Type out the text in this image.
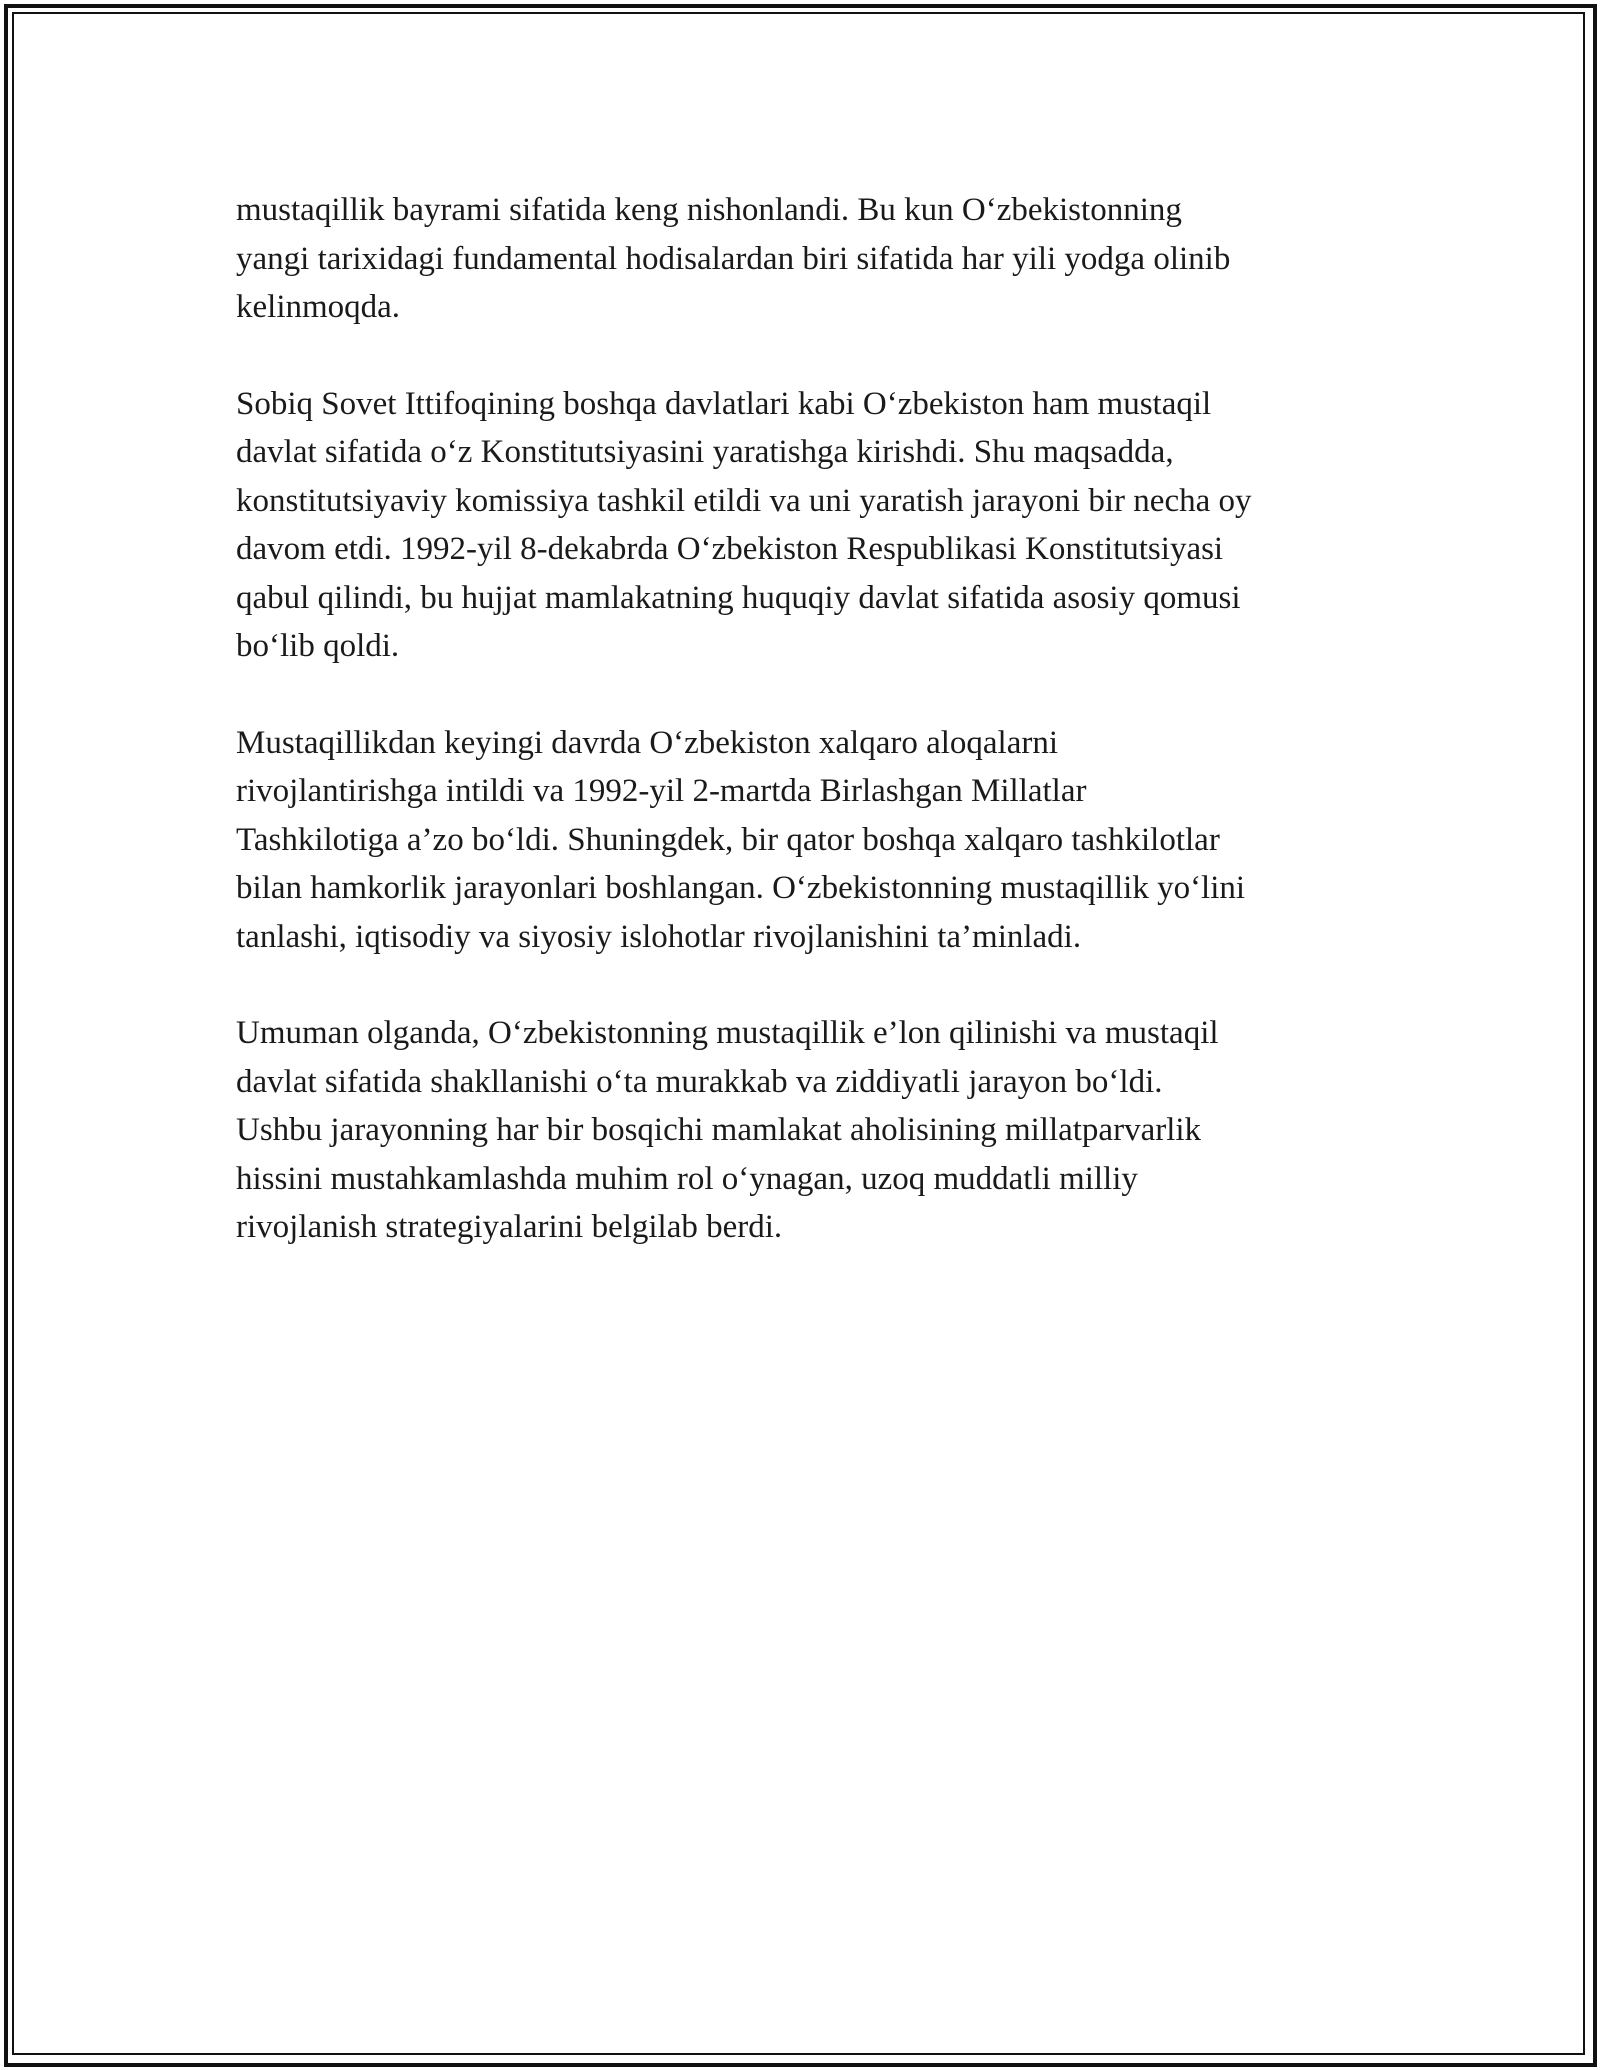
mustaqillik bayrami sifatida keng nishonlandi. Bu kun O‘zbekistonning
yangi tarixidagi fundamental hodisalardan biri sifatida har yili yodga olinib
kelinmoqda.

Sobiq Sovet Ittifoqining boshqa davlatlari kabi O‘zbekiston ham mustaqil
davlat sifatida o‘z Konstitutsiyasini yaratishga kirishdi. Shu maqsadda,
konstitutsiyaviy komissiya tashkil etildi va uni yaratish jarayoni bir necha oy
davom etdi. 1992-yil 8-dekabrda O‘zbekiston Respublikasi Konstitutsiyasi
qabul qilindi, bu hujjat mamlakatning huquqiy davlat sifatida asosiy qomusi
bo‘lib qoldi.

Mustaqillikdan keyingi davrda O‘zbekiston xalqaro aloqalarni
rivojlantirishga intildi va 1992-yil 2-martda Birlashgan Millatlar
Tashkilotiga a’zo bo‘ldi. Shuningdek, bir qator boshqa xalqaro tashkilotlar
bilan hamkorlik jarayonlari boshlangan. O‘zbekistonning mustaqillik yo‘lini
tanlashi, iqtisodiy va siyosiy islohotlar rivojlanishini ta’minladi.

Umuman olganda, O‘zbekistonning mustaqillik e’lon qilinishi va mustaqil
davlat sifatida shakllanishi o‘ta murakkab va ziddiyatli jarayon bo‘ldi.
Ushbu jarayonning har bir bosqichi mamlakat aholisining millatparvarlik
hissini mustahkamlashda muhim rol o‘ynagan, uzoq muddatli milliy
rivojlanish strategiyalarini belgilab berdi.
